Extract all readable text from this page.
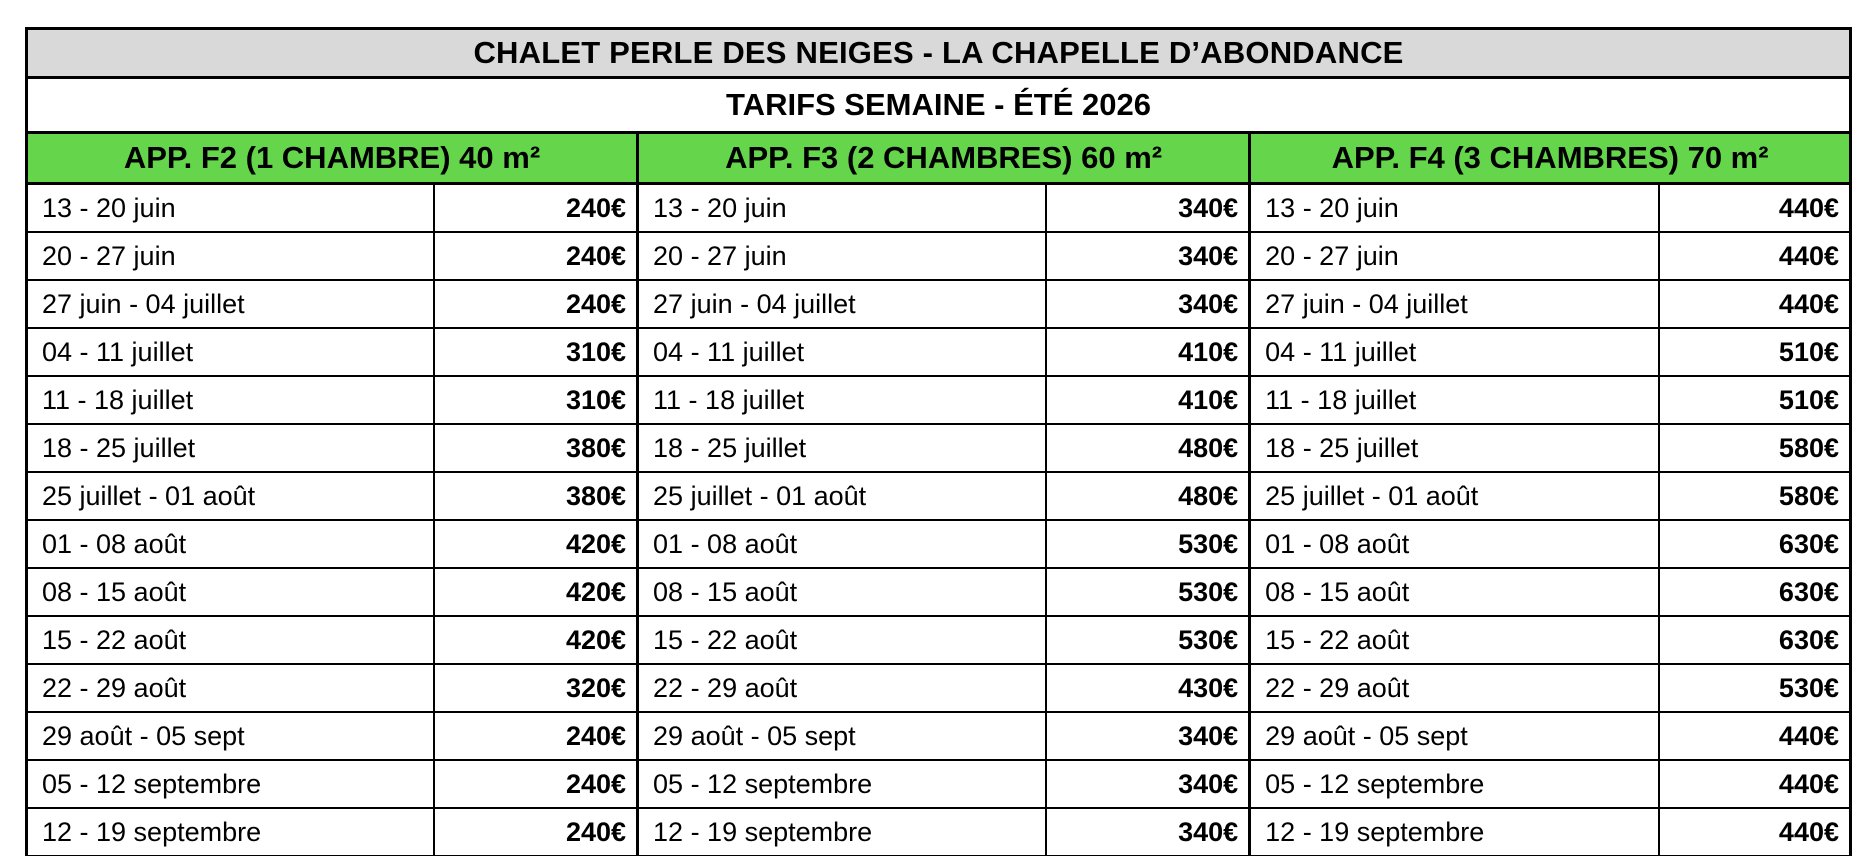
CHALET PERLE DES NEIGES - LA CHAPELLE D’ABONDANCE					
TARIFS SEMAINE - ÉTÉ 2026					
APP. F2 (1 CHAMBRE) 40 m²		APP. F3 (2 CHAMBRES) 60 m²		APP. F4 (3 CHAMBRES) 70 m²	
13 - 20 juin	240€	13 - 20 juin	340€	13 - 20 juin	440€
20 - 27 juin	240€	20 - 27 juin	340€	20 - 27 juin	440€
27 juin - 04 juillet	240€	27 juin - 04 juillet	340€	27 juin - 04 juillet	440€
04 - 11 juillet	310€	04 - 11 juillet	410€	04 - 11 juillet	510€
11 - 18 juillet	310€	11 - 18 juillet	410€	11 - 18 juillet	510€
18 - 25 juillet	380€	18 - 25 juillet	480€	18 - 25 juillet	580€
25 juillet - 01 août	380€	25 juillet - 01 août	480€	25 juillet - 01 août	580€
01 - 08 août	420€	01 - 08 août	530€	01 - 08 août	630€
08 - 15 août	420€	08 - 15 août	530€	08 - 15 août	630€
15 - 22 août	420€	15 - 22 août	530€	15 - 22 août	630€
22 - 29 août	320€	22 - 29 août	430€	22 - 29 août	530€
29 août - 05 sept	240€	29 août - 05 sept	340€	29 août - 05 sept	440€
05 - 12 septembre	240€	05 - 12 septembre	340€	05 - 12 septembre	440€
12 - 19 septembre	240€	12 - 19 septembre	340€	12 - 19 septembre	440€
